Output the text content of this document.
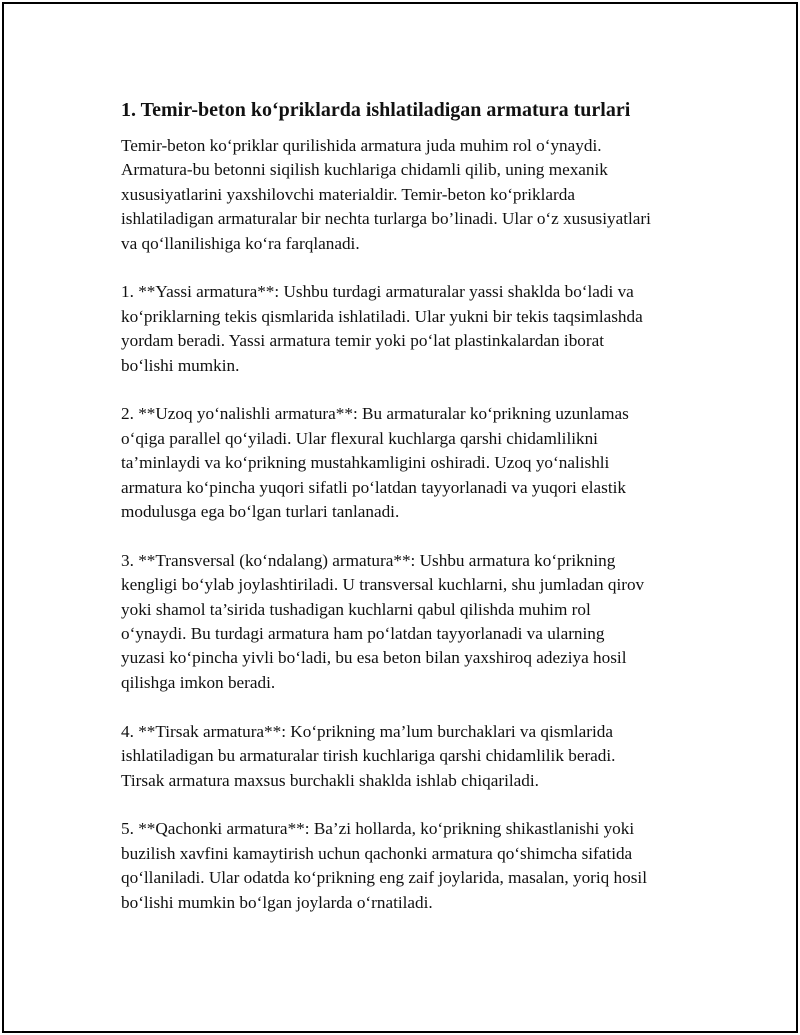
1. Temir-beton ko‘priklarda ishlatiladigan armatura turlari

Temir-beton ko‘priklar qurilishida armatura juda muhim rol o‘ynaydi.
Armatura-bu betonni siqilish kuchlariga chidamli qilib, uning mexanik
xususiyatlarini yaxshilovchi materialdir. Temir-beton ko‘priklarda
ishlatiladigan armaturalar bir nechta turlarga bo’linadi. Ular o‘z xususiyatlari
va qo‘llanilishiga ko‘ra farqlanadi.

1. **Yassi armatura**: Ushbu turdagi armaturalar yassi shaklda bo‘ladi va
ko‘priklarning tekis qismlarida ishlatiladi. Ular yukni bir tekis taqsimlashda
yordam beradi. Yassi armatura temir yoki po‘lat plastinkalardan iborat
bo‘lishi mumkin.

2. **Uzoq yo‘nalishli armatura**: Bu armaturalar ko‘prikning uzunlamas
o‘qiga parallel qo‘yiladi. Ular flexural kuchlarga qarshi chidamlilikni
ta’minlaydi va ko‘prikning mustahkamligini oshiradi. Uzoq yo‘nalishli
armatura ko‘pincha yuqori sifatli po‘latdan tayyorlanadi va yuqori elastik
modulusga ega bo‘lgan turlari tanlanadi.

3. **Transversal (ko‘ndalang) armatura**: Ushbu armatura ko‘prikning
kengligi bo‘ylab joylashtiriladi. U transversal kuchlarni, shu jumladan qirov
yoki shamol ta’sirida tushadigan kuchlarni qabul qilishda muhim rol
o‘ynaydi. Bu turdagi armatura ham po‘latdan tayyorlanadi va ularning
yuzasi ko‘pincha yivli bo‘ladi, bu esa beton bilan yaxshiroq adeziya hosil
qilishga imkon beradi.

4. **Tirsak armatura**: Ko‘prikning ma’lum burchaklari va qismlarida
ishlatiladigan bu armaturalar tirish kuchlariga qarshi chidamlilik beradi.
Tirsak armatura maxsus burchakli shaklda ishlab chiqariladi.

5. **Qachonki armatura**: Ba’zi hollarda, ko‘prikning shikastlanishi yoki
buzilish xavfini kamaytirish uchun qachonki armatura qo‘shimcha sifatida
qo‘llaniladi. Ular odatda ko‘prikning eng zaif joylarida, masalan, yoriq hosil
bo‘lishi mumkin bo‘lgan joylarda o‘rnatiladi.
